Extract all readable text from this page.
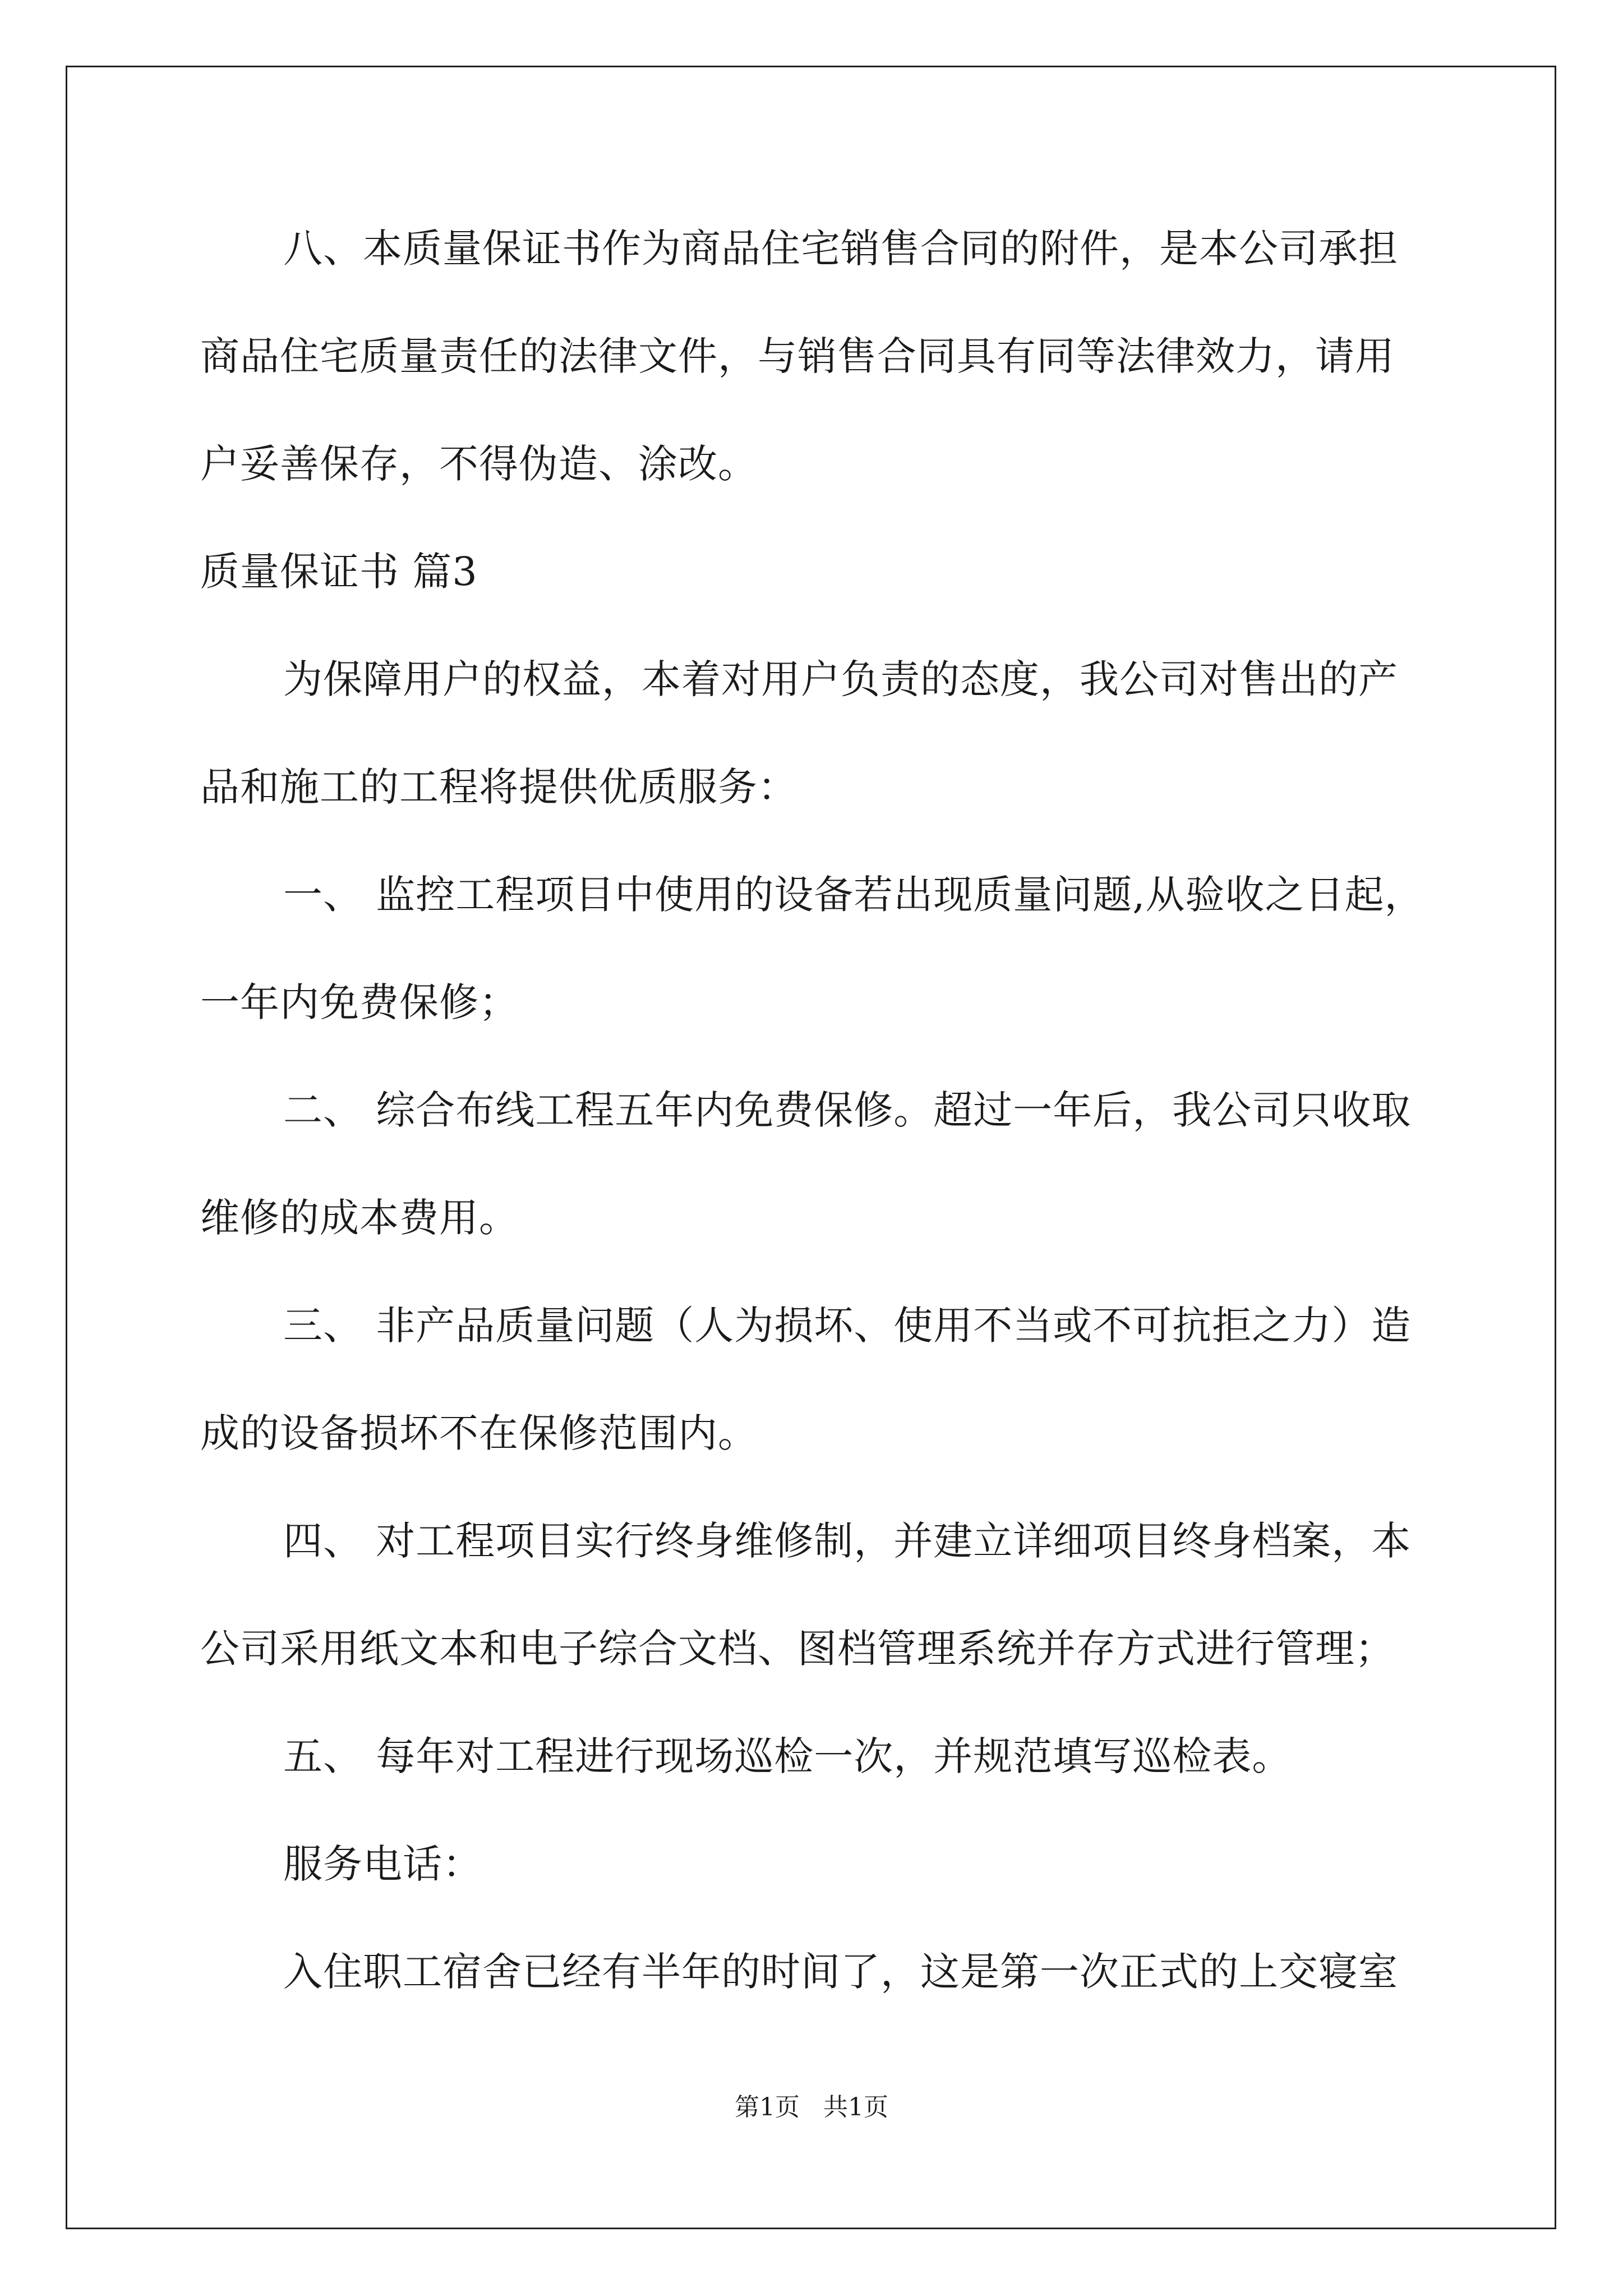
八、本质量保证书作为商品住宅销售合同的附件，是本公司承担
商品住宅质量责任的法律文件，与销售合同具有同等法律效力，请用
户妥善保存，不得伪造、涂改。
质量保证书 篇3
为保障用户的权益，本着对用户负责的态度，我公司对售出的产
品和施工的工程将提供优质服务：
一、 监控工程项目中使用的设备若出现质量问题,从验收之日起，
一年内免费保修；
二、 综合布线工程五年内免费保修。超过一年后，我公司只收取
维修的成本费用。
三、 非产品质量问题（人为损坏、使用不当或不可抗拒之力）造
成的设备损坏不在保修范围内。
四、 对工程项目实行终身维修制，并建立详细项目终身档案，本
公司采用纸文本和电子综合文档、图档管理系统并存方式进行管理；
五、 每年对工程进行现场巡检一次，并规范填写巡检表。
服务电话：
入住职工宿舍已经有半年的时间了，这是第一次正式的上交寝室
第1页   共1页
